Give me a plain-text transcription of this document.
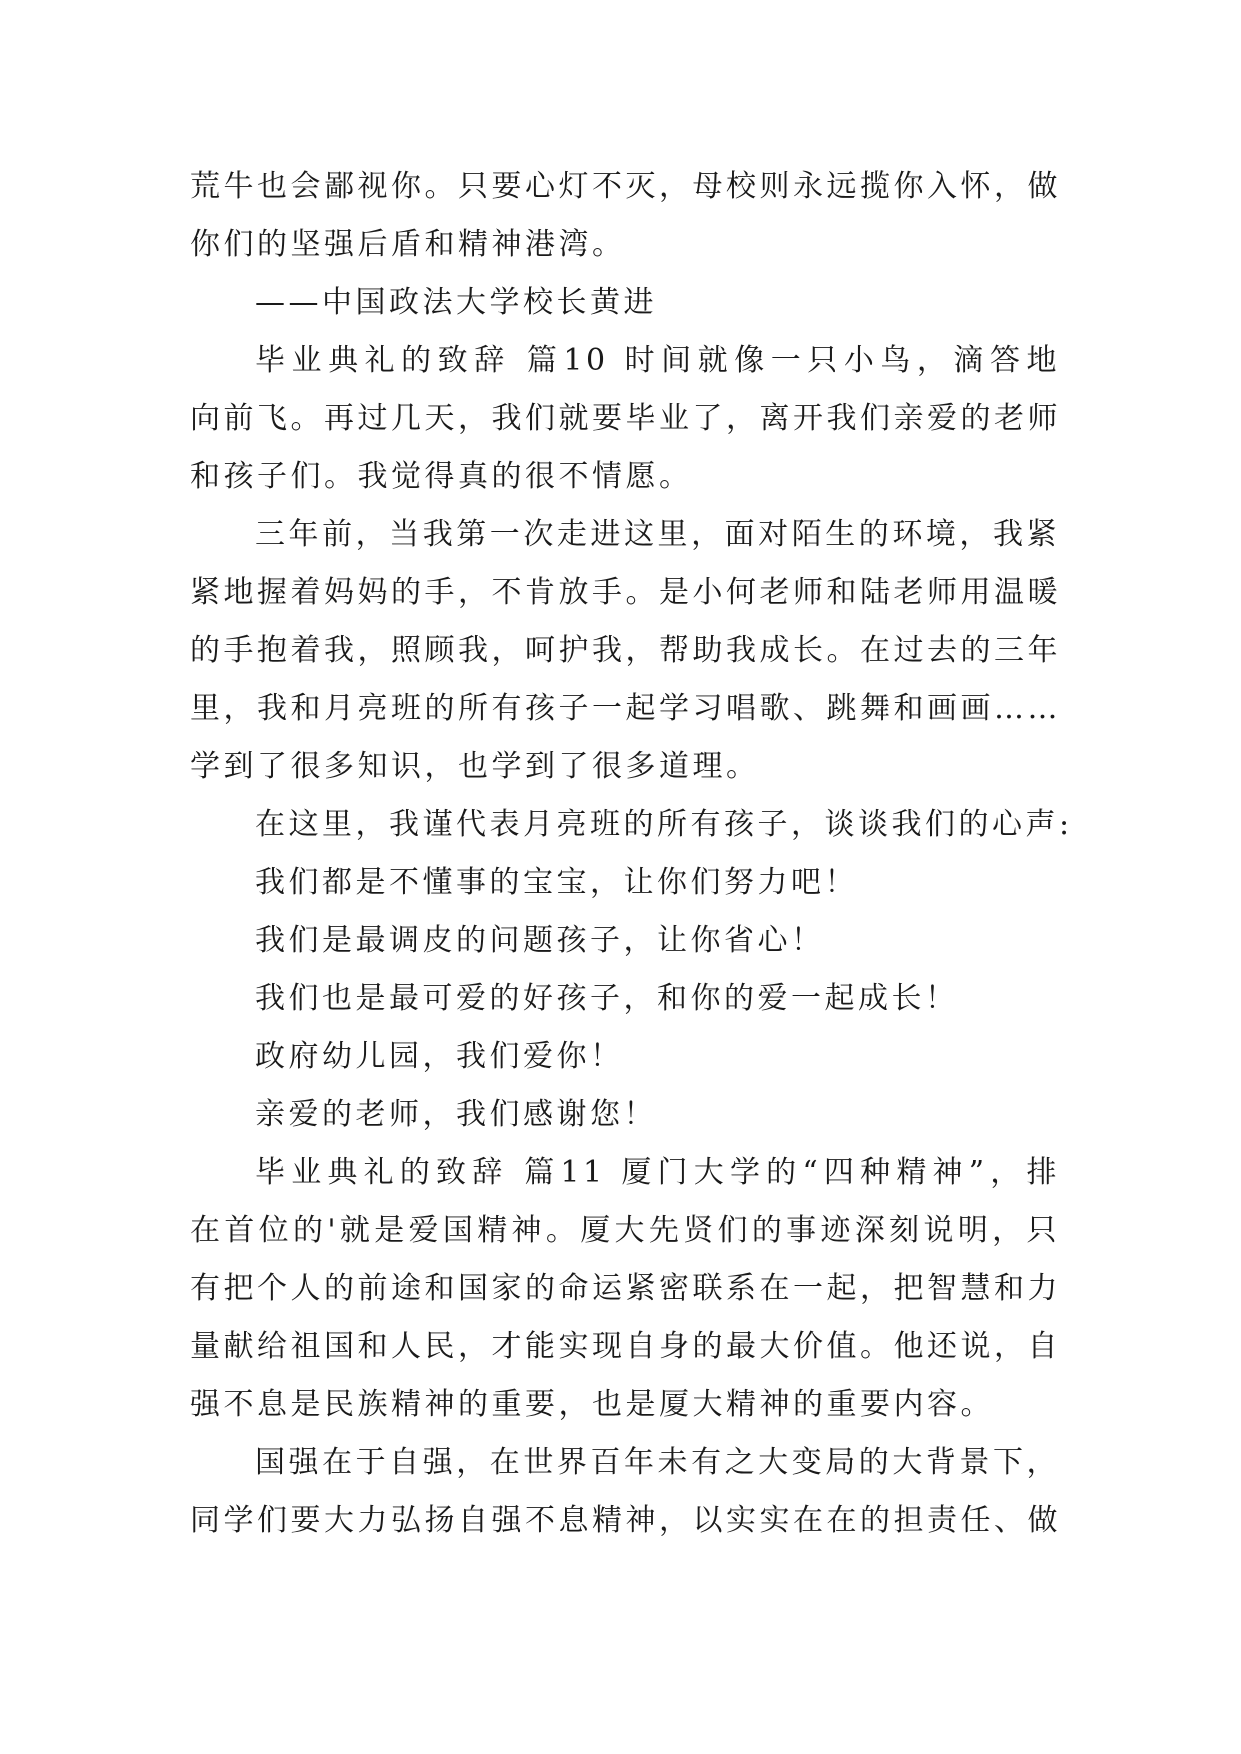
荒牛也会鄙视你。只要心灯不灭，母校则永远揽你入怀，做
你们的坚强后盾和精神港湾。
——中国政法大学校长黄进
毕业典礼的致辞 篇10 时间就像一只小鸟，滴答地
向前飞。再过几天，我们就要毕业了，离开我们亲爱的老师
和孩子们。我觉得真的很不情愿。
三年前，当我第一次走进这里，面对陌生的环境，我紧
紧地握着妈妈的手，不肯放手。是小何老师和陆老师用温暖
的手抱着我，照顾我，呵护我，帮助我成长。在过去的三年
里，我和月亮班的所有孩子一起学习唱歌、跳舞和画画……
学到了很多知识，也学到了很多道理。
在这里，我谨代表月亮班的所有孩子，谈谈我们的心声:
我们都是不懂事的宝宝，让你们努力吧！
我们是最调皮的问题孩子，让你省心！
我们也是最可爱的好孩子，和你的爱一起成长！
政府幼儿园，我们爱你！
亲爱的老师，我们感谢您！
毕业典礼的致辞 篇11 厦门大学的“四种精神”，排
在首位的'就是爱国精神。厦大先贤们的事迹深刻说明，只
有把个人的前途和国家的命运紧密联系在一起，把智慧和力
量献给祖国和人民，才能实现自身的最大价值。他还说，自
强不息是民族精神的重要，也是厦大精神的重要内容。
国强在于自强，在世界百年未有之大变局的大背景下，
同学们要大力弘扬自强不息精神，以实实在在的担责任、做
